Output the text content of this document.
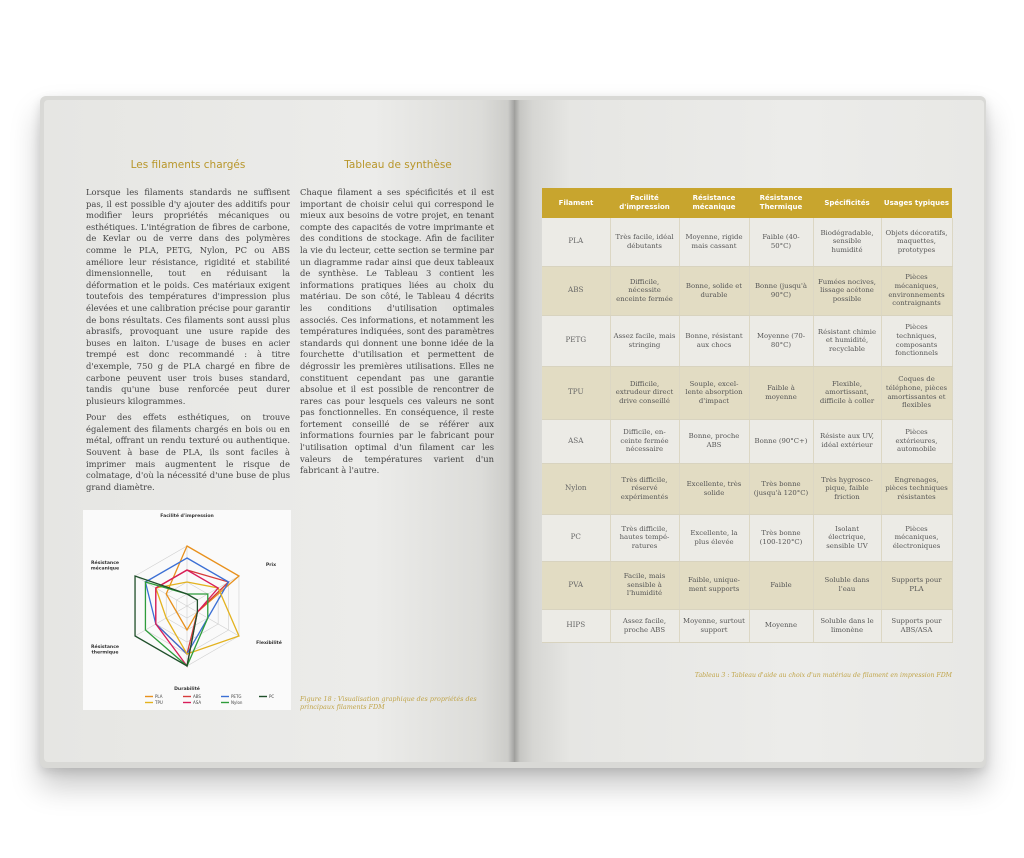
Les filaments chargés

Lorsque les filaments standards ne suffisent pas, il est possible d'y ajouter des additifs pour modifier leurs propriétés mécaniques ou esthétiques. L'intégration de fibres de carbone, de Kevlar ou de verre dans des polymères comme le PLA, PETG, Nylon, PC ou ABS améliore leur résistance, rigidité et stabilité dimensionnelle, tout en réduisant la déformation et le poids. Ces matériaux exigent toutefois des températures d'impression plus élevées et une calibration précise pour garantir de bons résultats. Ces filaments sont aussi plus abrasifs, provoquant une usure rapide des buses en laiton. L'usage de buses en acier trempé est donc recommandé : à titre d'exemple, 750 g de PLA chargé en fibre de carbone peuvent user trois buses standard, tandis qu'une buse renforcée peut durer plusieurs kilogrammes.

Pour des effets esthétiques, on trouve également des filaments chargés en bois ou en métal, offrant un rendu texturé ou authentique. Souvent à base de PLA, ils sont faciles à imprimer mais augmentent le risque de colmatage, d'où la nécessité d'une buse de plus grand diamètre.

Tableau de synthèse

Chaque filament a ses spécificités et il est important de choisir celui qui correspond le mieux aux besoins de votre projet, en tenant compte des capacités de votre imprimante et des conditions de stockage. Afin de faciliter la vie du lecteur, cette section se termine par un diagramme radar ainsi que deux tableaux de synthèse. Le Tableau 3 contient les informations pratiques liées au choix du matériau. De son côté, le Tableau 4 décrits les conditions d'utilisation optimales associés. Ces informations, et notamment les températures indiquées, sont des paramètres standards qui donnent une bonne idée de la fourchette d'utilisation et permettent de dégrossir les premières utilisations. Elles ne constituent cependant pas une garantie absolue et il est possible de rencontrer de rares cas pour lesquels ces valeurs ne sont pas fonctionnelles. En conséquence, il reste fortement conseillé de se référer aux informations fournies par le fabricant pour l'utilisation optimal d'un filament car les valeurs de températures varient d'un fabricant à l'autre.

Facilité d'impression
Prix
Flexibilité
Durabilité
Résistance thermique
Résistance mécanique
PLA	ABS	PETG
TPU	ASA	Nylon
PC	Figure 18 : Visualisation graphique des propriétés des principaux filaments FDM
Filament	Facilité d'impression	Résistance mécanique	Résistance Thermique	Spécificités	Usages typiques
PLA	Très facile, idéal débutants	Moyenne, rigide mais cassant	Faible (40-50°C)	Biodégradable, sensible humidité	Objets décoratifs, maquettes, prototypes
ABS	Difficile, nécessite enceinte fermée	Bonne, solide et durable	Bonne (jusqu'à 90°C)	Fumées nocives, lissage acétone possible	Pièces mécaniques, environnements contraignants
PETG	Assez facile, mais stringing	Bonne, résistant aux chocs	Moyenne (70-80°C)	Résistant chimie et humidité, recyclable	Pièces techniques, composants fonctionnels
TPU	Difficile, extrudeur direct drive conseillé	Souple, excel-lente absorption d'impact	Faible à moyenne	Flexible, amortissant, difficile à coller	Coques de téléphone, pièces amortissantes et flexibles
ASA	Difficile, en-ceinte fermée nécessaire	Bonne, proche ABS	Bonne (90°C+)	Résiste aux UV, idéal extérieur	Pièces extérieures, automobile
Nylon	Très difficile, réservé expérimentés	Excellente, très solide	Très bonne (jusqu'à 120°C)	Très hygrosco-pique, faible friction	Engrenages, pièces techniques résistantes
PC	Très difficile, hautes tempé-ratures	Excellente, la plus élevée	Très bonne (100-120°C)	Isolant électrique, sensible UV	Pièces mécaniques, électroniques
PVA	Facile, mais sensible à l'humidité	Faible, unique-ment supports	Faible	Soluble dans l'eau	Supports pour PLA
HIPS	Assez facile, proche ABS	Moyenne, surtout support	Moyenne	Soluble dans le limonène	Supports pour ABS/ASA
Tableau 3 : Tableau d'aide au choix d'un matériau de filament en impression FDM
